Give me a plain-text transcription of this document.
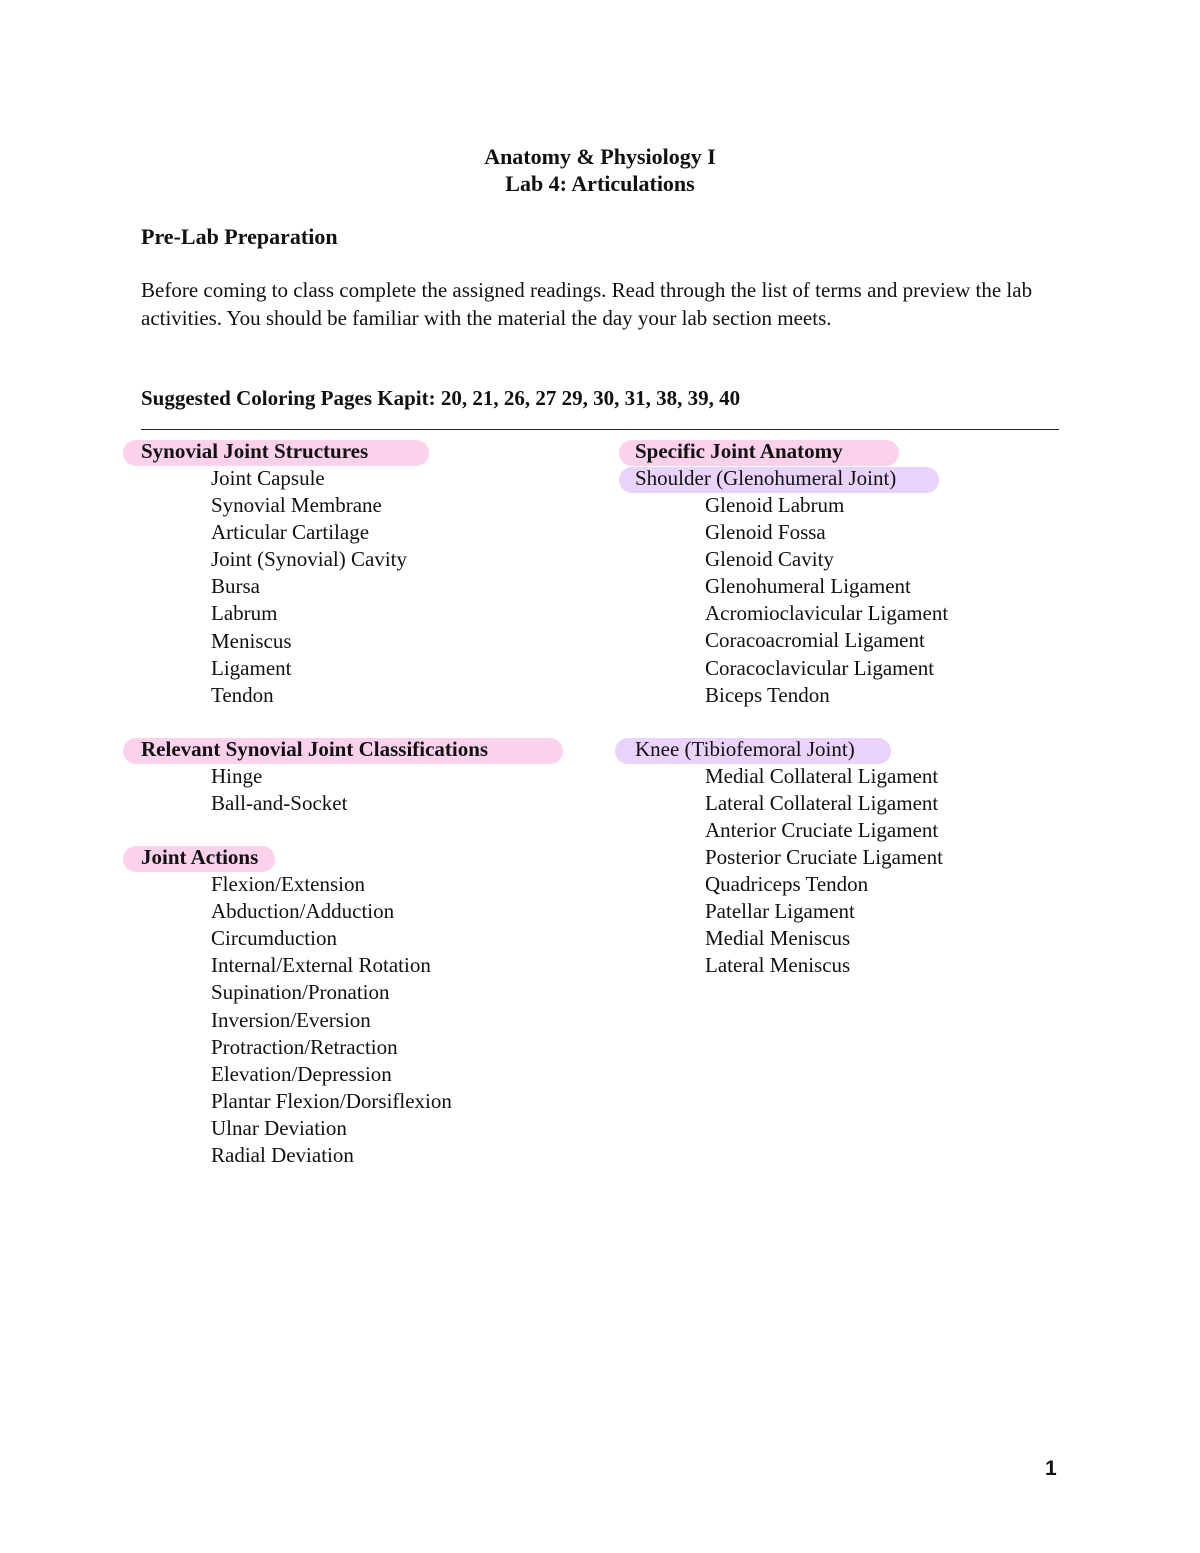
Anatomy & Physiology I
Lab 4: Articulations
Pre-Lab Preparation
Before coming to class complete the assigned readings. Read through the list of terms and preview the lab activities. You should be familiar with the material the day your lab section meets.
Suggested Coloring Pages Kapit: 20, 21, 26, 27 29, 30, 31, 38, 39, 40
Synovial Joint Structures
Joint Capsule
Synovial Membrane
Articular Cartilage
Joint (Synovial) Cavity
Bursa
Labrum
Meniscus
Ligament
Tendon
Relevant Synovial Joint Classifications
Hinge
Ball-and-Socket
Joint Actions
Flexion/Extension
Abduction/Adduction
Circumduction
Internal/External Rotation
Supination/Pronation
Inversion/Eversion
Protraction/Retraction
Elevation/Depression
Plantar Flexion/Dorsiflexion
Ulnar Deviation
Radial Deviation
Specific Joint Anatomy

Shoulder (Glenohumeral Joint)
Glenoid Labrum
Glenoid Fossa
Glenoid Cavity
Glenohumeral Ligament
Acromioclavicular Ligament
Coracoacromial Ligament
Coracoclavicular Ligament
Biceps Tendon
Knee (Tibiofemoral Joint)
Medial Collateral Ligament
Lateral Collateral Ligament
Anterior Cruciate Ligament
Posterior Cruciate Ligament
Quadriceps Tendon
Patellar Ligament
Medial Meniscus
Lateral Meniscus
1
